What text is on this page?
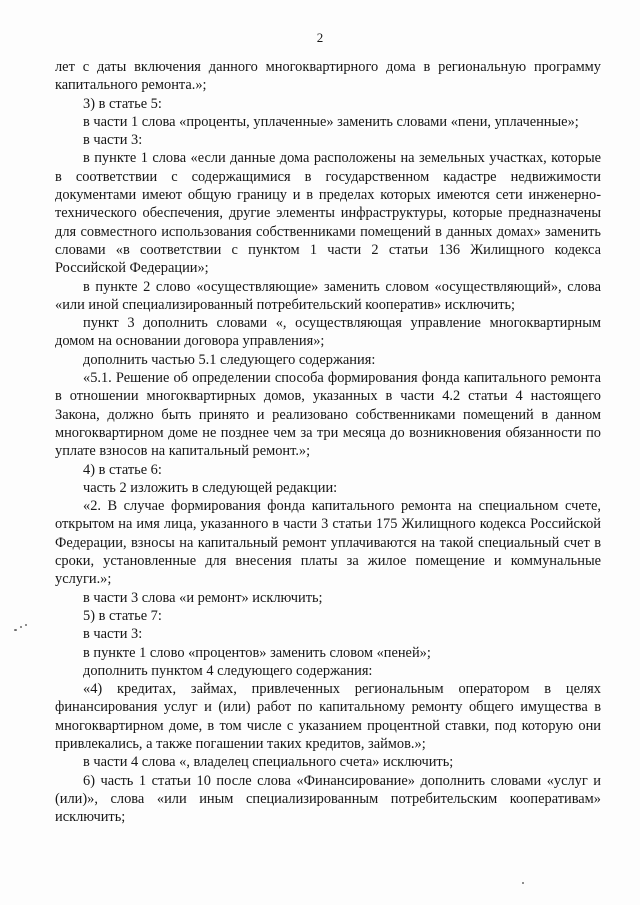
2

лет с даты включения данного многоквартирного дома в региональную программу капитального ремонта.»;

3) в статье 5:

в части 1 слова «проценты, уплаченные» заменить словами «пени, уплаченные»;

в части 3:

в пункте 1 слова «если данные дома расположены на земельных участках, которые в соответствии с содержащимися в государственном кадастре недвижимости документами имеют общую границу и в пределах которых имеются сети инженерно-технического обеспечения, другие элементы инфраструктуры, которые предназначены для совместного использования собственниками помещений в данных домах» заменить словами «в соответствии с пунктом 1 части 2 статьи 136 Жилищного кодекса Российской Федерации»;

в пункте 2 слово «осуществляющие» заменить словом «осуществляющий», слова «или иной специализированный потребительский кооператив» исключить;

пункт 3 дополнить словами «, осуществляющая управление многоквартирным домом на основании договора управления»;

дополнить частью 5.1 следующего содержания:

«5.1. Решение об определении способа формирования фонда капитального ремонта в отношении многоквартирных домов, указанных в части 4.2 статьи 4 настоящего Закона, должно быть принято и реализовано собственниками помещений в данном многоквартирном доме не позднее чем за три месяца до возникновения обязанности по уплате взносов на капитальный ремонт.»;

4) в статье 6:

часть 2 изложить в следующей редакции:

«2. В случае формирования фонда капитального ремонта на специальном счете, открытом на имя лица, указанного в части 3 статьи 175 Жилищного кодекса Российской Федерации, взносы на капитальный ремонт уплачиваются на такой специальный счет в сроки, установленные для внесения платы за жилое помещение и коммунальные услуги.»;

в части 3 слова «и ремонт» исключить;

5) в статье 7:

в части 3:

в пункте 1 слово «процентов» заменить словом «пеней»;

дополнить пунктом 4 следующего содержания:

«4) кредитах, займах, привлеченных региональным оператором в целях финансирования услуг и (или) работ по капитальному ремонту общего имущества в многоквартирном доме, в том числе с указанием процентной ставки, под которую они привлекались, а также погашении таких кредитов, займов.»;

в части 4 слова «, владелец специального счета» исключить;

6) часть 1 статьи 10 после слова «Финансирование» дополнить словами «услуг и (или)», слова «или иным специализированным потребительским кооперативам» исключить;
